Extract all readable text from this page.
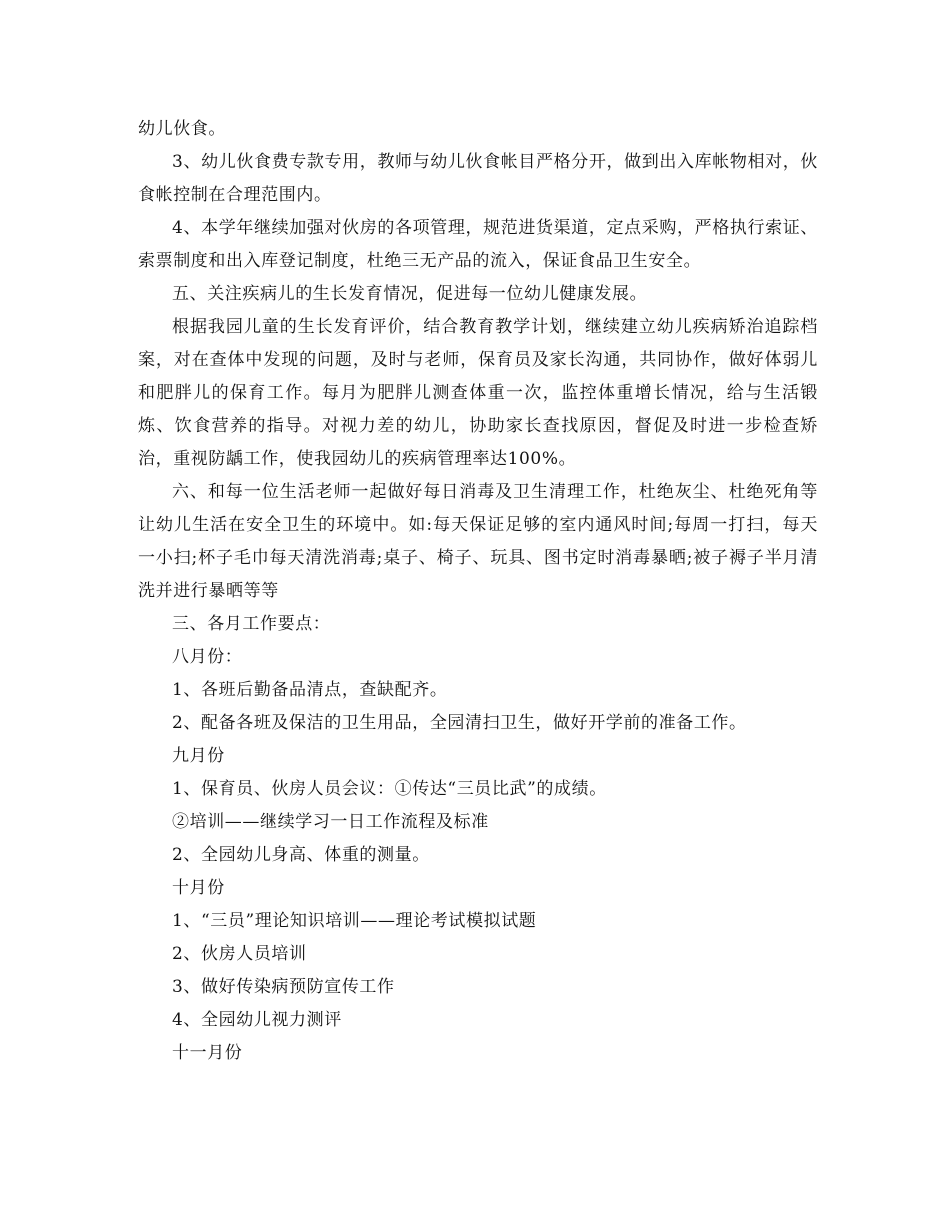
幼儿伙食。

3、幼儿伙食费专款专用，教师与幼儿伙食帐目严格分开，做到出入库帐物相对，伙食帐控制在合理范围内。

4、本学年继续加强对伙房的各项管理，规范进货渠道，定点采购，严格执行索证、索票制度和出入库登记制度，杜绝三无产品的流入，保证食品卫生安全。

五、关注疾病儿的生长发育情况，促进每一位幼儿健康发展。

根据我园儿童的生长发育评价，结合教育教学计划，继续建立幼儿疾病矫治追踪档案，对在查体中发现的问题，及时与老师，保育员及家长沟通，共同协作，做好体弱儿和肥胖儿的保育工作。每月为肥胖儿测查体重一次，监控体重增长情况，给与生活锻炼、饮食营养的指导。对视力差的幼儿，协助家长查找原因，督促及时进一步检查矫治，重视防龋工作，使我园幼儿的疾病管理率达100%。

六、和每一位生活老师一起做好每日消毒及卫生清理工作，杜绝灰尘、杜绝死角等让幼儿生活在安全卫生的环境中。如:每天保证足够的室内通风时间;每周一打扫，每天一小扫;杯子毛巾每天清洗消毒;桌子、椅子、玩具、图书定时消毒暴晒;被子褥子半月清洗并进行暴晒等等

三、各月工作要点：

八月份：

1、各班后勤备品清点，查缺配齐。

2、配备各班及保洁的卫生用品，全园清扫卫生，做好开学前的准备工作。

九月份

1、保育员、伙房人员会议：①传达“三员比武”的成绩。

②培训——继续学习一日工作流程及标准

2、全园幼儿身高、体重的测量。

十月份

1、“三员”理论知识培训——理论考试模拟试题

2、伙房人员培训

3、做好传染病预防宣传工作

4、全园幼儿视力测评

十一月份
